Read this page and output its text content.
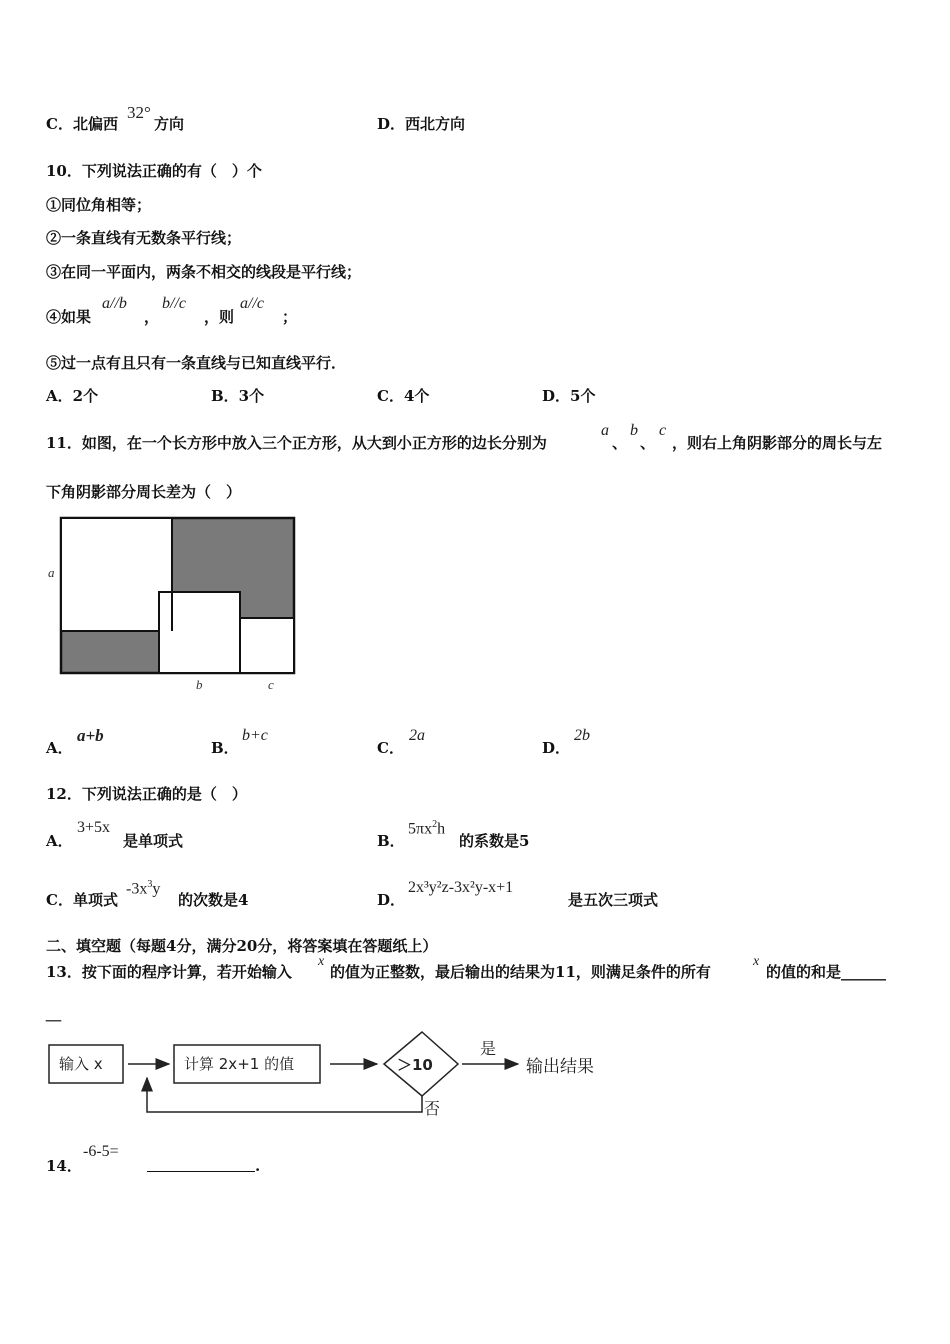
C．北偏西
32°
方向	D．西北方向
10．下列说法正确的有（　）个
①同位角相等；
②一条直线有无数条平行线；
③在同一平面内，两条不相交的线段是平行线；
④如果
a//b
，
b//c
，则
a//c
；
⑤过一点有且只有一条直线与已知直线平行．
A．2个	B．3个	C．4个	D．5个
11．如图，在一个长方形中放入三个正方形，从大到小正方形的边长分别为
a
、
b
、
c
，则右上角阴影部分的周长与左
下角阴影部分周长差为（　）
a
b	c
A．
a+b
B．
b+c
C．
2a
D．
2b
12．下列说法正确的是（　）
A．
3+5x
是单项式	B．
$5\pi x^2h$
的系数是5
C．单项式
$-3x^3y$
的次数是4	D．
2x³y²z-3x²y-x+1
是五次三项式
二、填空题（每题4分，满分20分，将答案填在答题纸上）
13．按下面的程序计算，若开始输入
x
的值为正整数，最后输出的结果为11，则满足条件的所有
x
的值的和是______
＿
输入 x	计算 2x+1 的值	＞10
是
输出结果
否
14．
-6-5=
.
